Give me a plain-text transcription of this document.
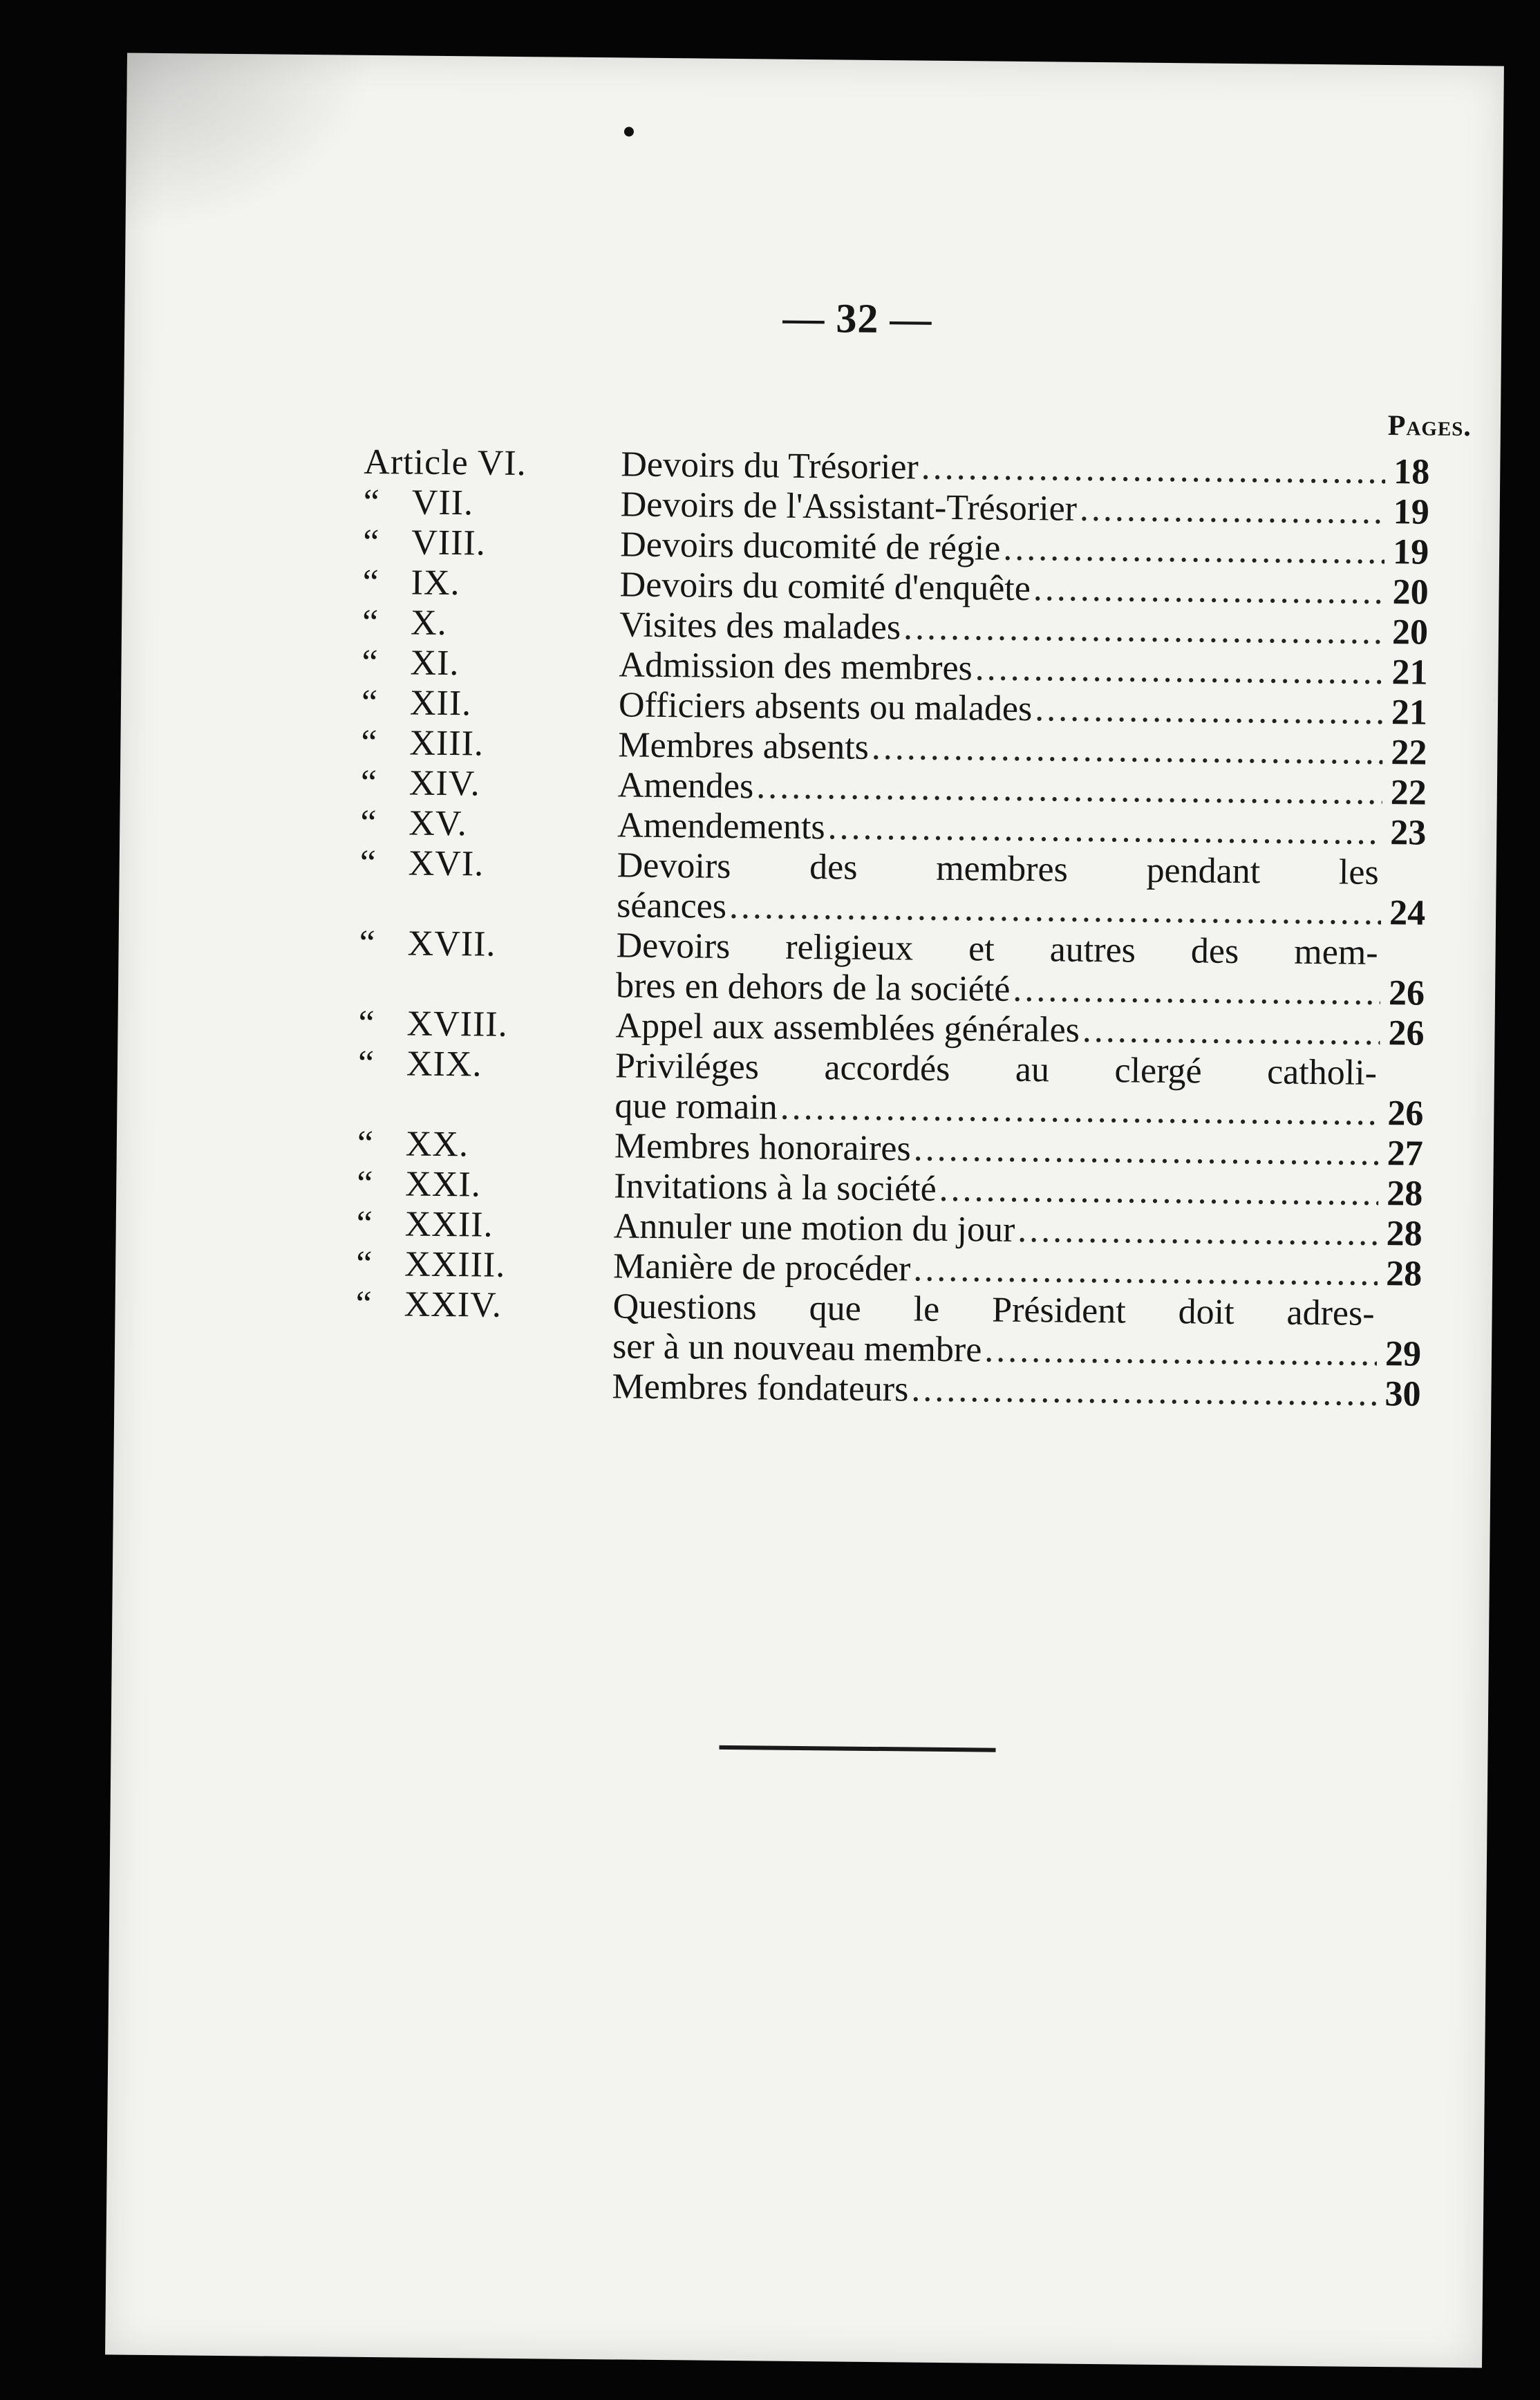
— 32 —
Pages.
Article VI.	Devoirs du Trésorier .....	18
“ VII.	Devoirs de l'Assistant-Trésorier .....	19
“ VIII.	Devoirs ducomité de régie .....	19
“ IX.	Devoirs du comité d'enquête .....	20
“ X.	Visites des malades .....	20
“ XI.	Admission des membres .....	21
“ XII.	Officiers absents ou malades .....	21
“ XIII.	Membres absents .....	22
“ XIV.	Amendes .....	22
“ XV.	Amendements .....	23
“ XVI.	Devoirs des membres pendant les
séances .....	24
“ XVII.	Devoirs religieux et autres des mem-
bres en dehors de la société .....	26
“ XVIII.	Appel aux assemblées générales .....	26
“ XIX.	Priviléges accordés au clergé catholi-
que romain .....	26
“ XX.	Membres honoraires .....	27
“ XXI.	Invitations à la société .....	28
“ XXII.	Annuler une motion du jour .....	28
“ XXIII.	Manière de procéder .....	28
“ XXIV.	Questions que le Président doit adres-
ser à un nouveau membre .....	29
Membres fondateurs .....	30
